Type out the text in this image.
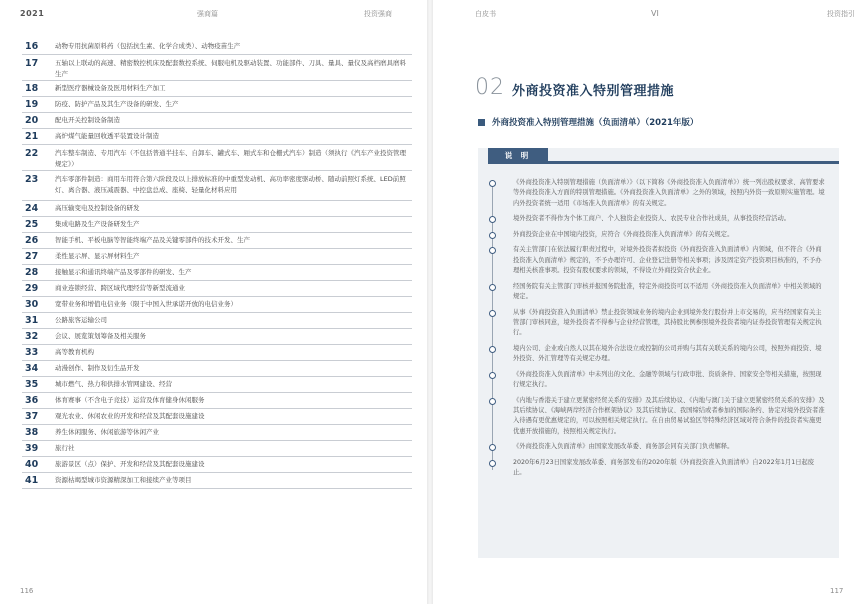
2021	强商篇	投资强商
16	动物专用抗菌原料药（包括抗生素、化学合成类）、动物疫苗生产
17	五轴以上联动的高速、精密数控机床及配套数控系统、伺服电机及驱动装置、功能部件、刀具、量具、量仪及高档磨具磨料生产
18	新型医疗器械设备及医用材料生产加工
19	防疫、防护产品及其生产设备的研发、生产
20	配电开关控制设备制造
21	高炉煤气能量回收透平装置设计制造
22	汽车整车制造、专用汽车（不包括普通半挂车、自卸车、罐式车、厢式车和仓栅式汽车）制造（须执行《汽车产业投资管理规定》）
23	汽车零部件制造：商用车用符合第六阶段及以上排放标准的中重型发动机、高功率密度驱动桥、随动前照灯系统、LED前照灯、离合器、液压减震器、中控盘总成、座椅、轻量化材料应用
24	高压输变电及控制设备的研发
25	集成电路及生产设备研发生产
26	智能手机、平板电脑等智能终端产品及关键零部件的技术开发、生产
27	柔性显示屏、显示屏材料生产
28	接触显示和通讯终端产品及零部件的研发、生产
29	商业连锁经营、跨区域代理经营等新型流通业
30	宽带业务和增值电信业务（限于中国入世承诺开放的电信业务）
31	公路旅客运输公司
32	会议、展览策划筹备及相关服务
33	高等教育机构
34	动漫创作、制作及衍生品开发
35	城市燃气、热力和供排水管网建设、经营
36	体育赛事（不含电子竞技）运营及体育健身休闲服务
37	观光农业、休闲农业的开发和经营及其配套设施建设
38	养生休闲服务、休闲旅游等休闲产业
39	旅行社
40	旅游景区（点）保护、开发和经营及其配套设施建设
41	资源枯竭型城市资源精深加工和接续产业等项目
116
白皮书	VI	投资指引
117
02 外商投资准入特别管理措施
外商投资准入特别管理措施（负面清单）（2021年版）
说 明
《外商投资准入特别管理措施（负面清单）》（以下简称《外商投资准入负面清单》）统一列出股权要求、高管要求等外商投资准入方面的特别管理措施。《外商投资准入负面清单》之外的领域，按照内外资一致原则实施管理。境内外投资者统一适用《市场准入负面清单》的有关规定。
境外投资者不得作为个体工商户、个人独资企业投资人、农民专业合作社成员，从事投资经营活动。
外商投资企业在中国境内投资，应符合《外商投资准入负面清单》的有关规定。
有关主管部门在依法履行职责过程中，对境外投资者拟投资《外商投资准入负面清单》内领域，但不符合《外商投资准入负面清单》规定的，不予办理许可、企业登记注册等相关事项；涉及固定资产投资项目核准的，不予办理相关核准事项。投资有股权要求的领域，不得设立外商投资合伙企业。
经国务院有关主管部门审核并报国务院批准，特定外商投资可以不适用《外商投资准入负面清单》中相关领域的规定。
从事《外商投资准入负面清单》禁止投资领域业务的境内企业到境外发行股份并上市交易的，应当经国家有关主管部门审核同意，境外投资者不得参与企业经营管理，其持股比例参照境外投资者境内证券投资管理有关规定执行。
境内公司、企业或自然人以其在境外合法设立或控制的公司并购与其有关联关系的境内公司，按照外商投资、境外投资、外汇管理等有关规定办理。
《外商投资准入负面清单》中未列出的文化、金融等领域与行政审批、资质条件、国家安全等相关措施，按照现行规定执行。
《内地与香港关于建立更紧密经贸关系的安排》及其后续协议、《内地与澳门关于建立更紧密经贸关系的安排》及其后续协议、《海峡两岸经济合作框架协议》及其后续协议、我国缔结或者参加的国际条约、协定对境外投资者准入待遇有更优惠规定的，可以按照相关规定执行。在自由贸易试验区等特殊经济区域对符合条件的投资者实施更优惠开放措施的，按照相关规定执行。
《外商投资准入负面清单》由国家发展改革委、商务部会同有关部门负责解释。
2020年6月23日国家发展改革委、商务部发布的2020年版《外商投资准入负面清单》自2022年1月1日起废止。
